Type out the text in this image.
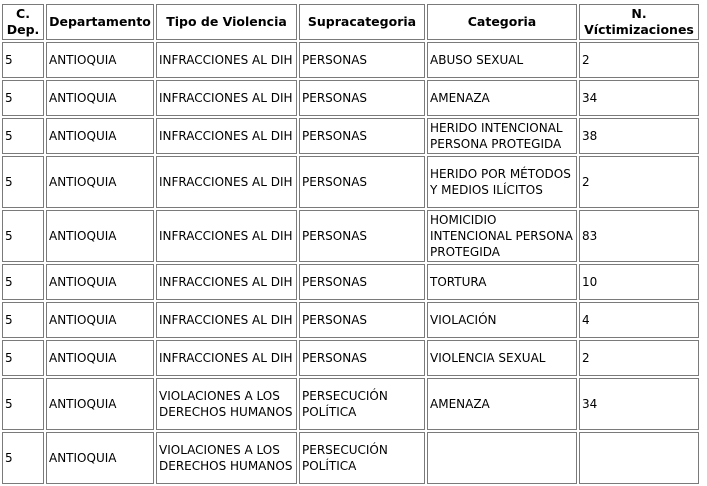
C. Dep.	Departamento	Tipo de Violencia	Supracategoria	Categoria	N. Víctimizaciones
5	ANTIOQUIA	INFRACCIONES AL DIH	PERSONAS	ABUSO SEXUAL	2
5	ANTIOQUIA	INFRACCIONES AL DIH	PERSONAS	AMENAZA	34
5	ANTIOQUIA	INFRACCIONES AL DIH	PERSONAS	HERIDO INTENCIONAL PERSONA PROTEGIDA	38
5	ANTIOQUIA	INFRACCIONES AL DIH	PERSONAS	HERIDO POR MÉTODOS Y MEDIOS ILÍCITOS	2
5	ANTIOQUIA	INFRACCIONES AL DIH	PERSONAS	HOMICIDIO INTENCIONAL PERSONA PROTEGIDA	83
5	ANTIOQUIA	INFRACCIONES AL DIH	PERSONAS	TORTURA	10
5	ANTIOQUIA	INFRACCIONES AL DIH	PERSONAS	VIOLACIÓN	4
5	ANTIOQUIA	INFRACCIONES AL DIH	PERSONAS	VIOLENCIA SEXUAL	2
5	ANTIOQUIA	VIOLACIONES A LOS DERECHOS HUMANOS	PERSECUCIÓN POLÍTICA	AMENAZA	34
5	ANTIOQUIA	VIOLACIONES A LOS DERECHOS HUMANOS	PERSECUCIÓN POLÍTICA		
